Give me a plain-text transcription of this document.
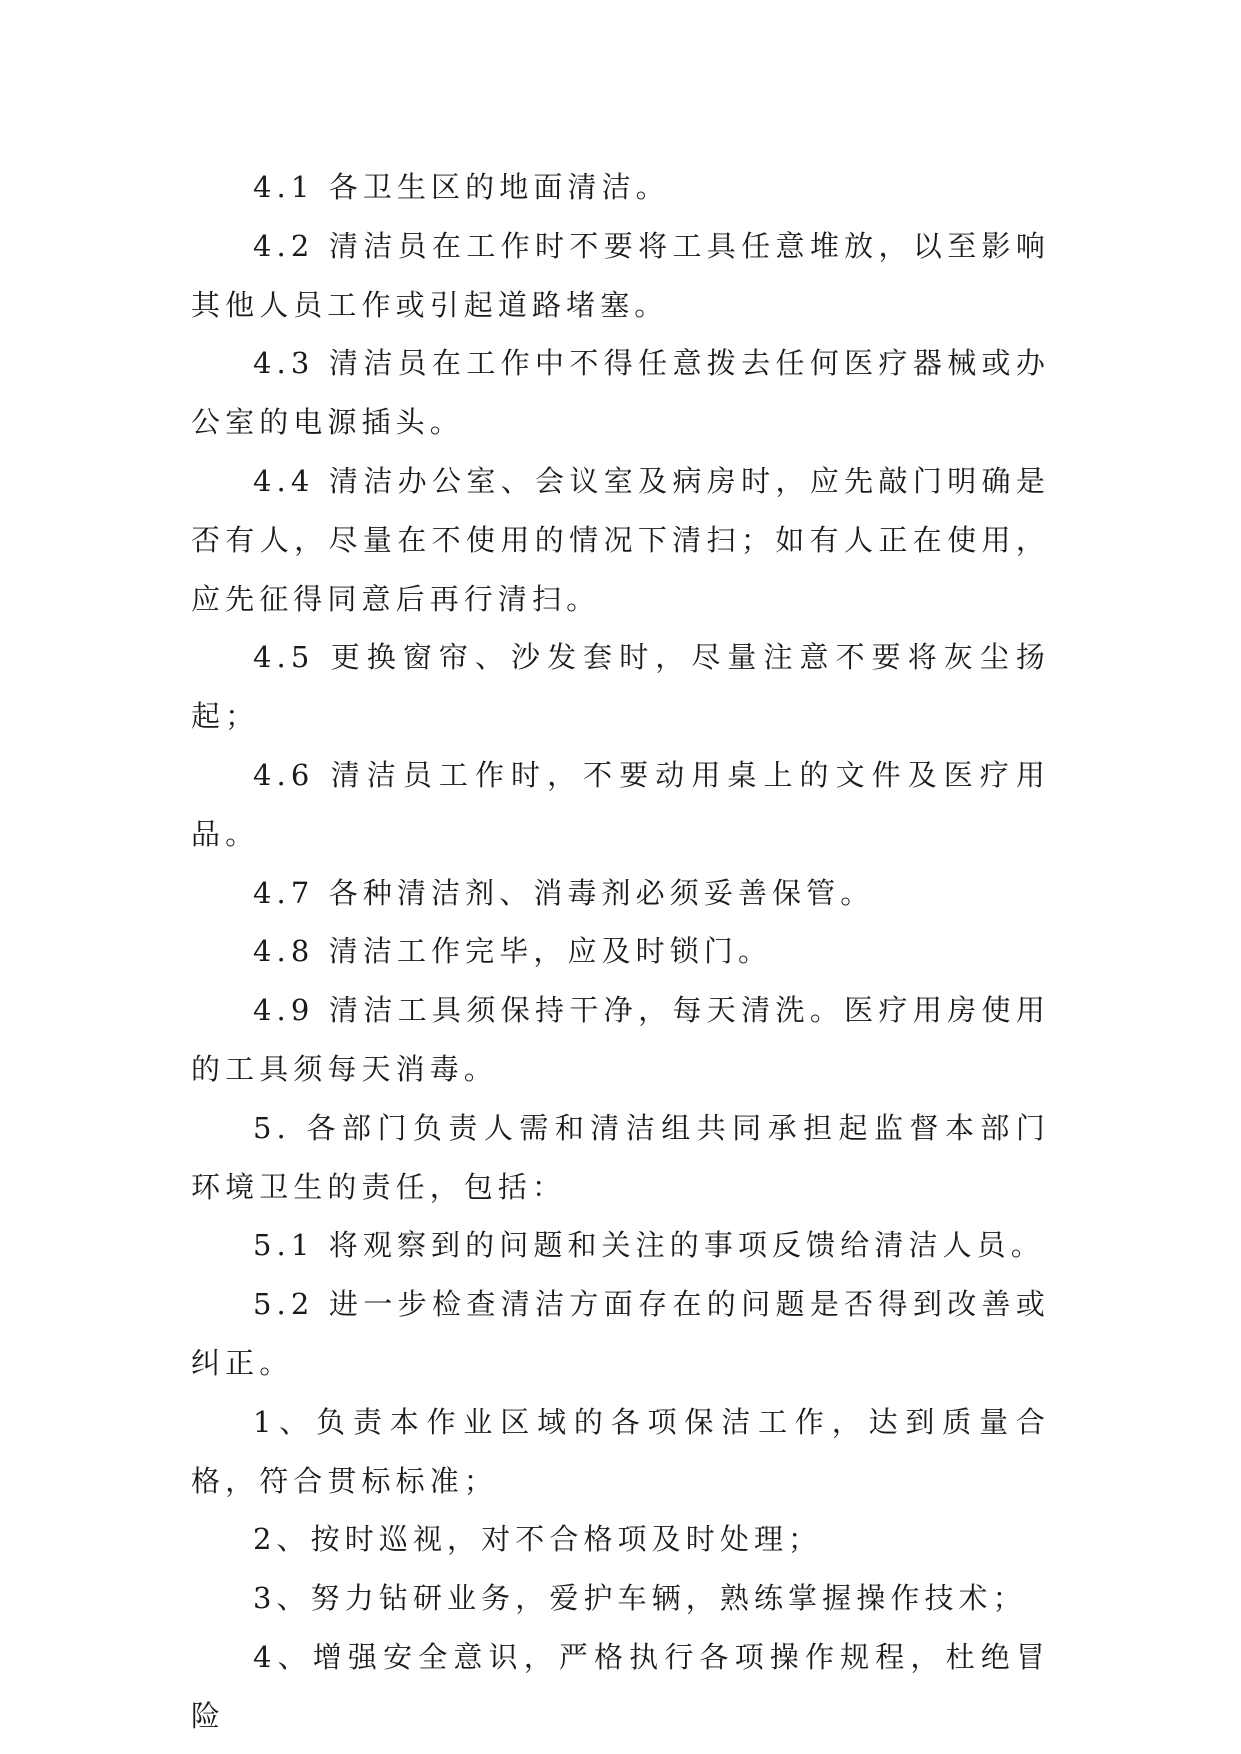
4.1 各卫生区的地面清洁。

4.2 清洁员在工作时不要将工具任意堆放，以至影响其他人员工作或引起道路堵塞。

4.3 清洁员在工作中不得任意拨去任何医疗器械或办公室的电源插头。

4.4 清洁办公室、会议室及病房时，应先敲门明确是否有人，尽量在不使用的情况下清扫；如有人正在使用，应先征得同意后再行清扫。

4.5 更换窗帘、沙发套时，尽量注意不要将灰尘扬起；

4.6 清洁员工作时，不要动用桌上的文件及医疗用品。

4.7 各种清洁剂、消毒剂必须妥善保管。

4.8 清洁工作完毕，应及时锁门。

4.9 清洁工具须保持干净，每天清洗。医疗用房使用的工具须每天消毒。

5. 各部门负责人需和清洁组共同承担起监督本部门环境卫生的责任，包括：

5.1 将观察到的问题和关注的事项反馈给清洁人员。

5.2 进一步检查清洁方面存在的问题是否得到改善或纠正。

1、负责本作业区域的各项保洁工作，达到质量合格，符合贯标标准；

2、按时巡视，对不合格项及时处理；

3、努力钻研业务，爱护车辆，熟练掌握操作技术；

4、增强安全意识，严格执行各项操作规程，杜绝冒险
